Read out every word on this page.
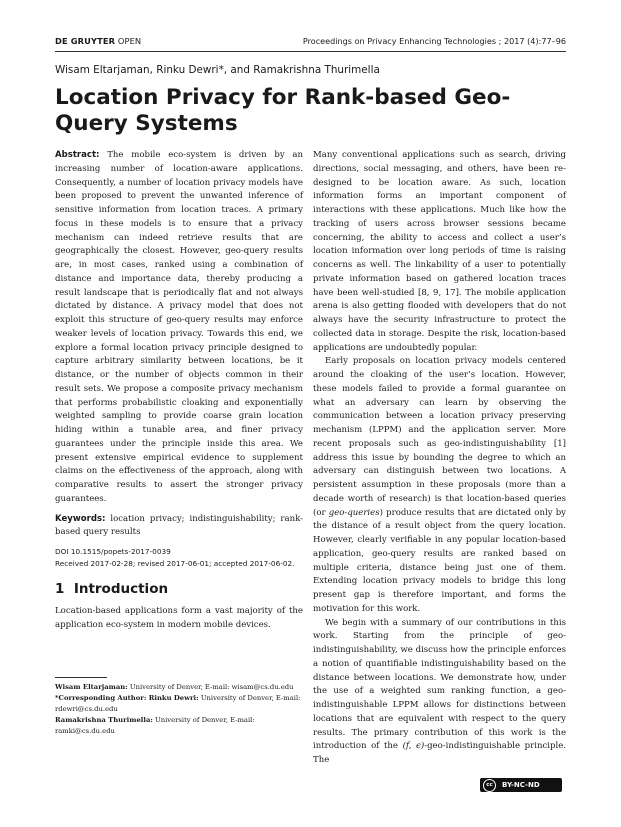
DE GRUYTER OPEN	Proceedings on Privacy Enhancing Technologies ; 2017 (4):77–96
Wisam Eltarjaman, Rinku Dewri*, and Ramakrishna Thurimella
Location Privacy for Rank-based Geo-Query Systems

Abstract: The mobile eco-system is driven by an increasing number of location-aware applications. Consequently, a number of location privacy models have been proposed to prevent the unwanted inference of sensitive information from location traces. A primary focus in these models is to ensure that a privacy mechanism can indeed retrieve results that are geographically the closest. However, geo-query results are, in most cases, ranked using a combination of distance and importance data, thereby producing a result landscape that is periodically flat and not always dictated by distance. A privacy model that does not exploit this structure of geo-query results may enforce weaker levels of location privacy. Towards this end, we explore a formal location privacy principle designed to capture arbitrary similarity between locations, be it distance, or the number of objects common in their result sets. We propose a composite privacy mechanism that performs probabilistic cloaking and exponentially weighted sampling to provide coarse grain location hiding within a tunable area, and finer privacy guarantees under the principle inside this area. We present extensive empirical evidence to supplement claims on the effectiveness of the approach, along with comparative results to assert the stronger privacy guarantees.

Keywords: location privacy; indistinguishability; rank-based query results

DOI 10.1515/popets-2017-0039
Received 2017-02-28; revised 2017-06-01; accepted 2017-06-02.

1 Introduction
Location-based applications form a vast majority of the application eco-system in modern mobile devices.

Wisam Eltarjaman: University of Denver, E-mail: wisam@cs.du.edu

*Corresponding Author: Rinku Dewri: University of Denver, E-mail: rdewri@cs.du.edu

Ramakrishna Thurimella: University of Denver, E-mail: ramki@cs.du.edu

Many conventional applications such as search, driving directions, social messaging, and others, have been re-designed to be location aware. As such, location information forms an important component of interactions with these applications. Much like how the tracking of users across browser sessions became concerning, the ability to access and collect a user’s location information over long periods of time is raising concerns as well. The linkability of a user to potentially private information based on gathered location traces have been well-studied [8, 9, 17]. The mobile application arena is also getting flooded with developers that do not always have the security infrastructure to protect the collected data in storage. Despite the risk, location-based applications are undoubtedly popular.

Early proposals on location privacy models centered around the cloaking of the user’s location. However, these models failed to provide a formal guarantee on what an adversary can learn by observing the communication between a location privacy preserving mechanism (LPPM) and the application server. More recent proposals such as geo-indistinguishability [1] address this issue by bounding the degree to which an adversary can distinguish between two locations. A persistent assumption in these proposals (more than a decade worth of research) is that location-based queries (or geo-queries) produce results that are dictated only by the distance of a result object from the query location. However, clearly verifiable in any popular location-based application, geo-query results are ranked based on multiple criteria, distance being just one of them. Extending location privacy models to bridge this long present gap is therefore important, and forms the motivation for this work.

We begin with a summary of our contributions in this work. Starting from the principle of geo-indistinguishability, we discuss how the principle enforces a notion of quantifiable indistinguishability based on the distance between locations. We demonstrate how, under the use of a weighted sum ranking function, a geo-indistinguishable LPPM allows for distinctions between locations that are equivalent with respect to the query results. The primary contribution of this work is the introduction of the (f, ϵ)-geo-indistinguishable principle. The

cc BY-NC-ND
